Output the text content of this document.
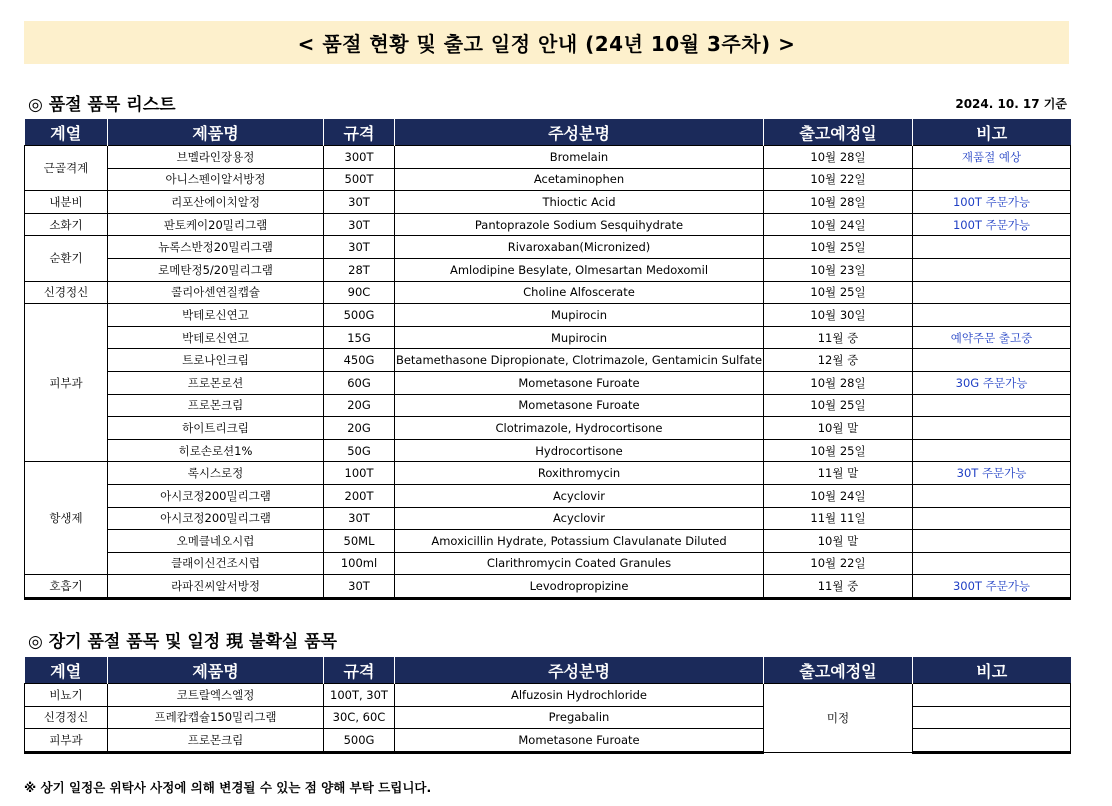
< 품절 현황 및 출고 일정 안내 (24년 10월 3주차) >
◎ 품절 품목 리스트	2024. 10. 17 기준
계열	제품명	규격	주성분명	출고예정일	비고
근골격계	브멜라인장용정	300T	Bromelain	10월 28일	재품절 예상
	아니스펜이알서방정	500T	Acetaminophen	10월 22일	
내분비	리포산에이치알정	30T	Thioctic Acid	10월 28일	100T 주문가능
소화기	판토케이20밀리그램	30T	Pantoprazole Sodium Sesquihydrate	10월 24일	100T 주문가능
순환기	뉴록스반정20밀리그램	30T	Rivaroxaban(Micronized)	10월 25일	
	로메탄정5/20밀리그램	28T	Amlodipine Besylate, Olmesartan Medoxomil	10월 23일	
신경정신	콜리아센연질캡슐	90C	Choline Alfoscerate	10월 25일	
피부과	박테로신연고	500G	Mupirocin	10월 30일	
	박테로신연고	15G	Mupirocin	11월 중	예약주문 출고중
	트로나인크림	450G	Betamethasone Dipropionate, Clotrimazole, Gentamicin Sulfate	12월 중	
	프로몬로션	60G	Mometasone Furoate	10월 28일	30G 주문가능
	프로몬크림	20G	Mometasone Furoate	10월 25일	
	하이트리크림	20G	Clotrimazole, Hydrocortisone	10월 말	
	히로손로션1%	50G	Hydrocortisone	10월 25일	
항생제	록시스로정	100T	Roxithromycin	11월 말	30T 주문가능
	아시코정200밀리그램	200T	Acyclovir	10월 24일	
	아시코정200밀리그램	30T	Acyclovir	11월 11일	
	오메클네오시럽	50ML	Amoxicillin Hydrate, Potassium Clavulanate Diluted	10월 말	
	클래이신건조시럽	100ml	Clarithromycin Coated Granules	10월 22일	
호흡기	라파진씨알서방정	30T	Levodropropizine	11월 중	300T 주문가능
◎ 장기 품절 품목 및 일정 現 불확실 품목
계열	제품명	규격	주성분명	출고예정일	비고
비뇨기	코트랄엑스엘정	100T, 30T	Alfuzosin Hydrochloride	미정	
신경정신	프레캅캡슐150밀리그램	30C, 60C	Pregabalin		
피부과	프로몬크림	500G	Mometasone Furoate		
※ 상기 일정은 위탁사 사정에 의해 변경될 수 있는 점 양해 부탁 드립니다.
